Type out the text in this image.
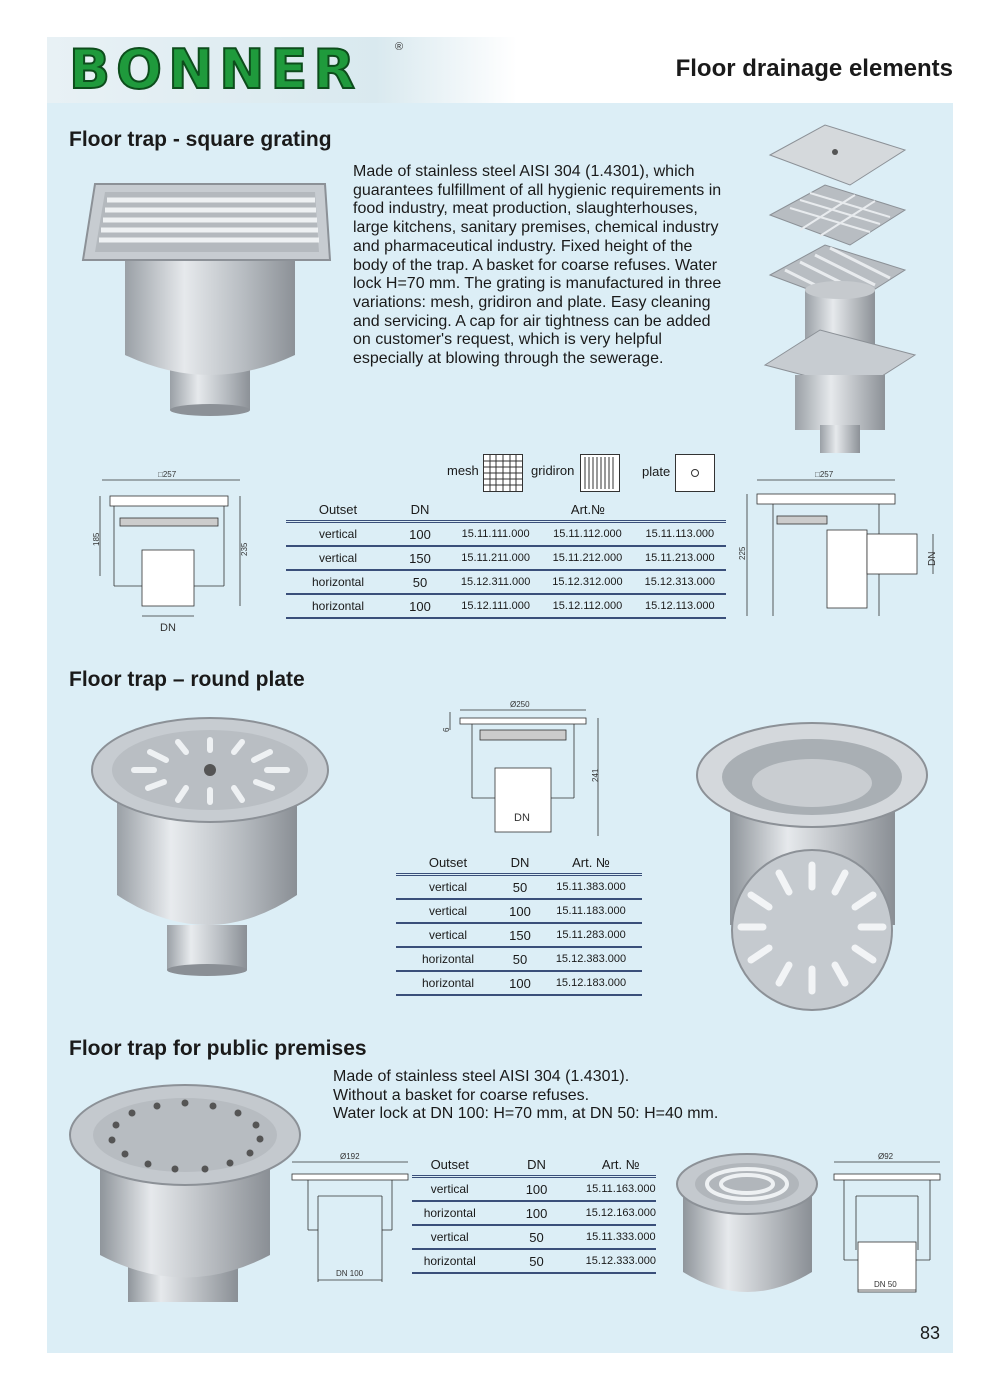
BONNER	®
Floor drainage elements
Floor trap - square grating
Made of stainless steel AISI 304 (1.4301), which
guarantees fulfillment of all hygienic requirements in
food industry, meat production, slaughterhouses,
large kitchens, sanitary premises, chemical industry
and pharmaceutical industry. Fixed height of the
body of the trap. A basket for coarse refuses. Water
lock H=70 mm. The grating is manufactured in three
variations: mesh, gridiron and plate. Easy cleaning
and servicing. A cap for air tightness can be added
on customer's request, which is very helpful
especially at blowing through the sewerage.
mesh	gridiron	plate
□257
185
235
DN
Outset	DN	Art.№		
vertical	100	15.11.111.000	15.11.112.000	15.11.113.000
vertical	150	15.11.211.000	15.11.212.000	15.11.213.000
horizontal	50	15.12.311.000	15.12.312.000	15.12.313.000
horizontal	100	15.12.111.000	15.12.112.000	15.12.113.000
□257
225	DN
Floor trap – round plate
Ø250
6
241
DN
Outset	DN	Art. №
vertical	50	15.11.383.000
vertical	100	15.11.183.000
vertical	150	15.11.283.000
horizontal	50	15.12.383.000
horizontal	100	15.12.183.000
Floor trap for public premises
Made of stainless steel AISI 304 (1.4301).
Without a basket for coarse refuses.
Water lock at DN 100: H=70 mm, at DN 50: H=40 mm.
Ø192
DN 100
Outset	DN	Art. №
vertical	100	15.11.163.000
horizontal	100	15.12.163.000
vertical	50	15.11.333.000
horizontal	50	15.12.333.000
Ø92
DN 50
83
